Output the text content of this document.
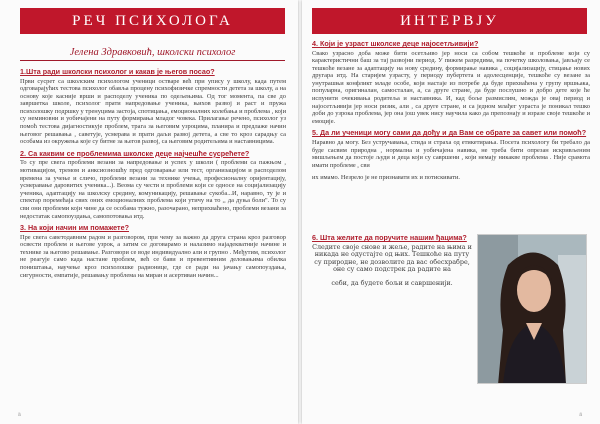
РЕЧ ПСИХОЛОГА
Јелена Здравковић, школски психолог
1.Шта ради школски психолог и какав је његов посао?
Први сусрет са школским психологом ученици остваре већ при упису у школу, када путем одговарајућих тестова психолог обавља процену психофизичке спремности детета за школу, а на основу које касније врши и расподелу ученика по одељењима. Од тог момента, па све до завршетка школе, психолог прати напредовање ученика, њихов развој и раст и пружа психолошку подршку у тренуцима застоја, спотицања, емоционалних колебања и проблема , који су неминовни и уобичајени на путу формирања младог човека. Прилагање речено, психолог уз помоћ тестова дијагностикује проблем, трага за његовим узроцима, планира и предлаже начин његовог решавања , саветује, усмерава и прати даљи развој детета, а све то кроз сарадњу са особама из окружења које су битне за његов развој, са његовим родитељима и наставницима.
2. Са каквим се проблемима школске деце најчешће сусрећете?
То су пре свега проблеми везани за напредовање и успех у школи ( проблеми са пажњом , мотивацијом, тремом и анксиозношћу пред одговарање или тест, организацијом и расподелом времена за учење и сличо, проблеми везани за технике учења, професионалну оријентацију, усмеравање даровитих ученика...). Веома су чести и проблеми који се односе на социјализацију ученика, адаптацију на школску средину, комуникацију, решавање сукоба...И, наравно, ту је и спектар поремећаја свих оних емоционалних проблема који утичу на то ,, да дуња боли". То су сви они проблеми који чине да се особама тужно, разочарано, неприхваћено, проблеми везани за недостатак самопоуздања, самопотовања итд.
3. На који начин им помажете?
Пре свега саветодавним радом и разговором, при чему за важно да друга страна кроз разговор освести проблем и његове узрок, а затим се договарамо и налазимо најадекватније начине и технике за његово решавање. Разговори се воде индивидуално али и групно . Међутим, психолог не реагује само када настане проблем, већ се бави и превентивним деловањима обилка поништања, научење кроз психолошке радионице, где се ради на јачању самопоуздања, сигурности, емпатије, решавању проблема на миран и асертиван начин...
ä
ИНТЕРВЈУ
4. Који је узраст школске деце најосетљивији?
Свако узрасно доба може бити осетљиво јер носи са собом тешкоће и проблеме који су карактеристични баш за тај развојни период. У пижем разредима, на почетку школовања, јављају се тешкоће везане за адаптацију на нову средину, формирање навика , социјализацију, стицање нових другара итд. На старијем узрасту, у периоду пубертета и адолесценције, тешкоће су везане за унутрашњи конфликт младе особе, који настаје из потребе да буде прихваћена у групу вршњака, популарна, оригиналан, самосталан, а, са друге стране, да буде послушно и добро дете које ће испунити очекивања родитеља и наставника. И, кад боље размислим, можда је овај период и најосетљивији јер носи ризик, али , са друге стране, и са једном млађег узраста је поникал тешко доби до узрока проблема, јер она још увек нису научила како да препознају и изразе своје тешкоће и емоције.
5. Да ли ученици могу сами да дођу и да Вам се обрате за савет или помоћ?
Наравно да могу. Без устручавања, стида и страха од етикетирања. Посета психологу би требало да буде сасвим природна , нормална и уобичајена навика, не треба бити опрезан искривљеним мишљењем да постоје људи и деца који су савршени , који немају никакве проблема . Није срамота имати проблеме , сви
их имамо. Незрело је не признавати их и потискивати.
6. Шта желите да поручите нашим ђацима?
Следите своје снове и жеље, радите на њима и никада не одустајте од њих. Тешкоће на путу су природне, не дозволите да вас обесхрабре, оне су само подстрек да радите на
себи, да будете бољи и савршенији.
ä
